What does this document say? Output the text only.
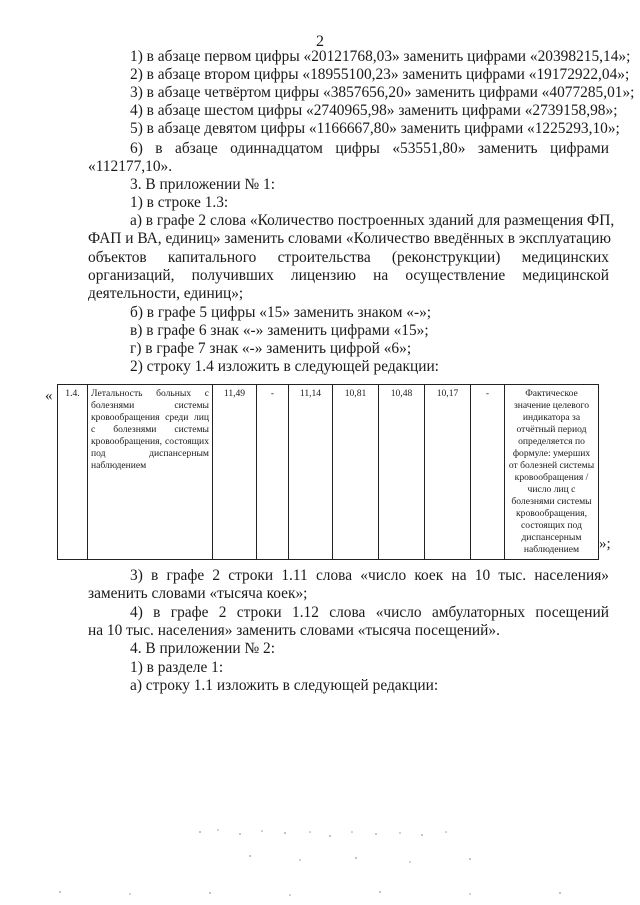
2
1) в абзаце первом цифры «20121768,03» заменить цифрами «20398215,14»;
2) в абзаце втором цифры «18955100,23» заменить цифрами «19172922,04»;
3) в абзаце четвёртом цифры «3857656,20» заменить цифрами «4077285,01»;
4) в абзаце шестом цифры «2740965,98» заменить цифрами «2739158,98»;
5) в абзаце девятом цифры «1166667,80» заменить цифрами «1225293,10»;
6) в абзаце одиннадцатом цифры «53551,80» заменить цифрами
«112177,10».
3. В приложении № 1:
1) в строке 1.3:
а) в графе 2 слова «Количество построенных зданий для размещения ФП,
ФАП и ВА, единиц» заменить словами «Количество введённых в эксплуатацию
объектов капитального строительства (реконструкции) медицинских
организаций, получивших лицензию на осуществление медицинской
деятельности, единиц»;
б) в графе 5 цифры «15» заменить знаком «-»;
в) в графе 6 знак «-» заменить цифрами «15»;
г) в графе 7 знак «-» заменить цифрой «6»;
2) строку 1.4 изложить в следующей редакции:
« 1.4.	Летальность больных с болезнями системы кровообращения среди лиц с болезнями системы кровообращения, состоящих под диспансерным наблюдением	11,49	-	11,14	10,81	10,48	10,17	-	Фактическое значение целевого индикатора за отчётный период определяется по формуле: умерших от болезней системы кровообращения / число лиц с болезнями системы кровообращения, состоящих под диспансерным наблюдением »;
3) в графе 2 строки 1.11 слова «число коек на 10 тыс. населения»
заменить словами «тысяча коек»;
4) в графе 2 строки 1.12 слова «число амбулаторных посещений
на 10 тыс. населения» заменить словами «тысяча посещений».
4. В приложении № 2:
1) в разделе 1:
а) строку 1.1 изложить в следующей редакции:
